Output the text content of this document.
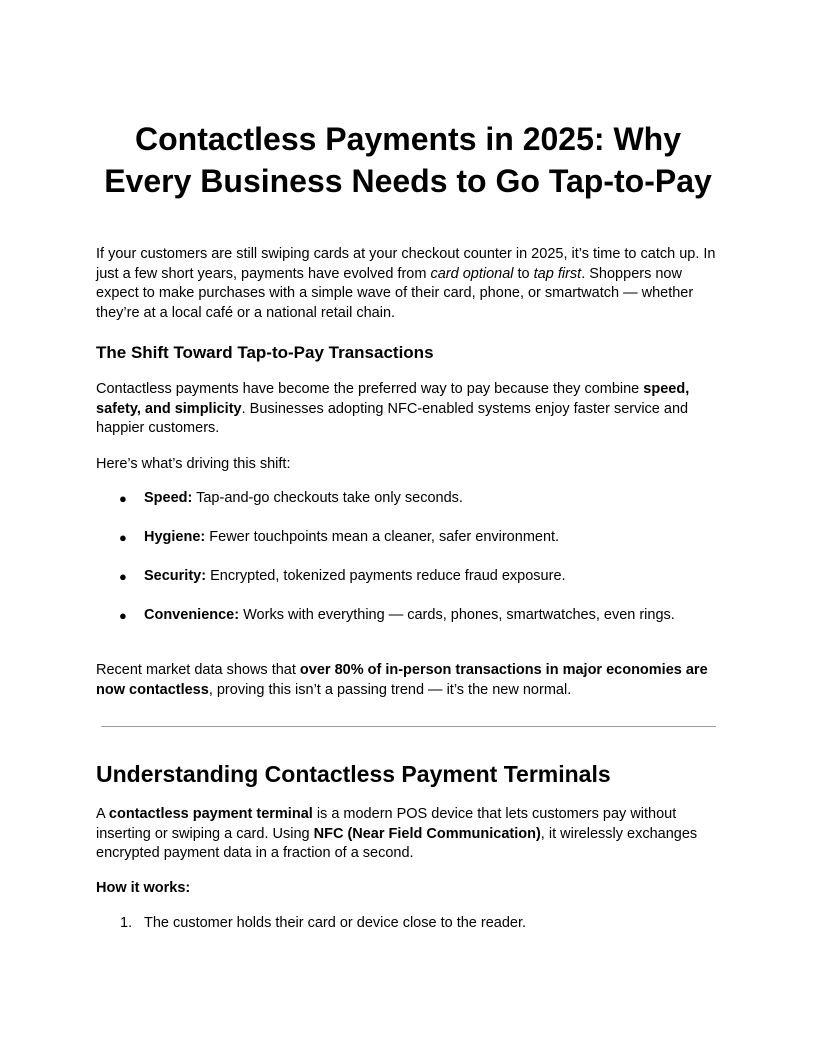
Contactless Payments in 2025: Why
Every Business Needs to Go Tap-to-Pay

If your customers are still swiping cards at your checkout counter in 2025, it’s time to catch up. In just a few short years, payments have evolved from card optional to tap first. Shoppers now expect to make purchases with a simple wave of their card, phone, or smartwatch — whether they’re at a local café or a national retail chain.

The Shift Toward Tap-to-Pay Transactions

Contactless payments have become the preferred way to pay because they combine speed, safety, and simplicity. Businesses adopting NFC-enabled systems enjoy faster service and happier customers.

Here’s what’s driving this shift:

● Speed: Tap-and-go checkouts take only seconds.
● Hygiene: Fewer touchpoints mean a cleaner, safer environment.
● Security: Encrypted, tokenized payments reduce fraud exposure.
● Convenience: Works with everything — cards, phones, smartwatches, even rings.

Recent market data shows that over 80% of in-person transactions in major economies are now contactless, proving this isn’t a passing trend — it’s the new normal.

Understanding Contactless Payment Terminals

A contactless payment terminal is a modern POS device that lets customers pay without inserting or swiping a card. Using NFC (Near Field Communication), it wirelessly exchanges encrypted payment data in a fraction of a second.

How it works:

1. The customer holds their card or device close to the reader.
